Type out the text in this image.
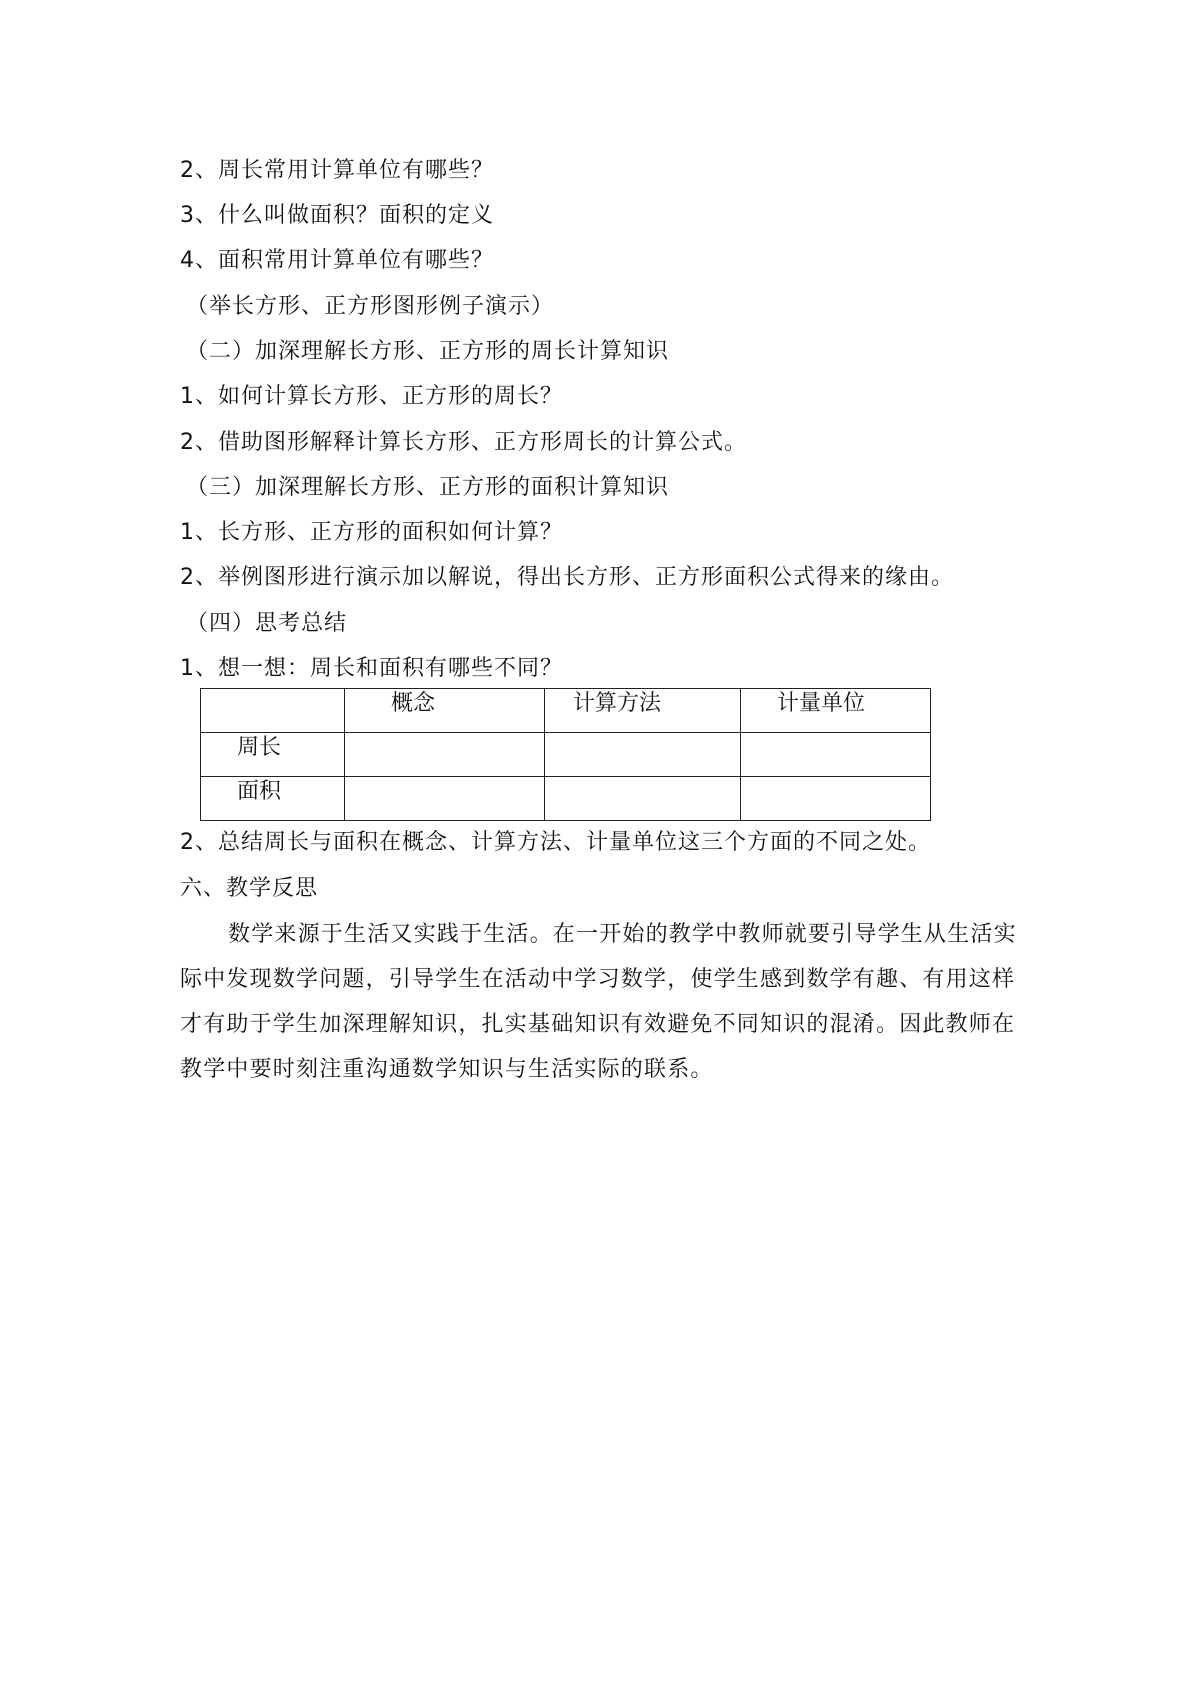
2、周长常用计算单位有哪些？
3、什么叫做面积？面积的定义
4、面积常用计算单位有哪些？
（举长方形、正方形图形例子演示）
（二）加深理解长方形、正方形的周长计算知识
1、如何计算长方形、正方形的周长？
2、借助图形解释计算长方形、正方形周长的计算公式。
（三）加深理解长方形、正方形的面积计算知识
1、长方形、正方形的面积如何计算？
2、举例图形进行演示加以解说，得出长方形、正方形面积公式得来的缘由。
（四）思考总结
1、想一想：周长和面积有哪些不同？
	概念	计算方法	计量单位
周长			
面积			
2、总结周长与面积在概念、计算方法、计量单位这三个方面的不同之处。
六、教学反思
数学来源于生活又实践于生活。在一开始的教学中教师就要引导学生从生活实际中发现数学问题，引导学生在活动中学习数学，使学生感到数学有趣、有用这样才有助于学生加深理解知识，扎实基础知识有效避免不同知识的混淆。因此教师在教学中要时刻注重沟通数学知识与生活实际的联系。
